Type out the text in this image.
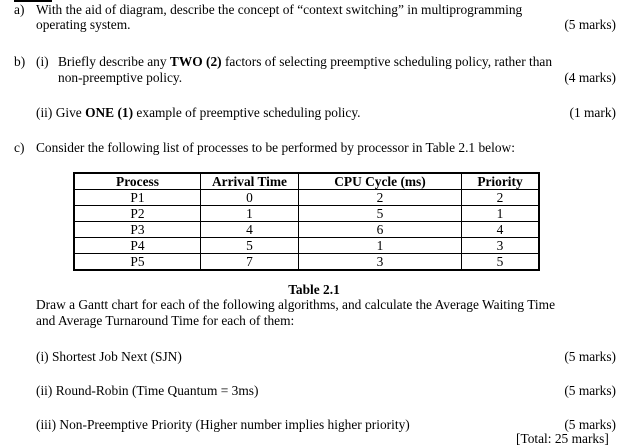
a) With the aid of diagram, describe the concept of “context switching” in multiprogramming
operating system.	(5 marks)
b) (i) Briefly describe any TWO (2) factors of selecting preemptive scheduling policy, rather than
non-preemptive policy.	(4 marks)
(ii) Give ONE (1) example of preemptive scheduling policy.	(1 mark)
c) Consider the following list of processes to be performed by processor in Table 2.1 below:
Process	Arrival Time	CPU Cycle (ms)	Priority
P1	0	2	2
P2	1	5	1
P3	4	6	4
P4	5	1	3
P5	7	3	5
Table 2.1
Draw a Gantt chart for each of the following algorithms, and calculate the Average Waiting Time
and Average Turnaround Time for each of them:
(i) Shortest Job Next (SJN)	(5 marks)
(ii) Round-Robin (Time Quantum = 3ms)	(5 marks)
(iii) Non-Preemptive Priority (Higher number implies higher priority)	(5 marks)
[Total: 25 marks]
